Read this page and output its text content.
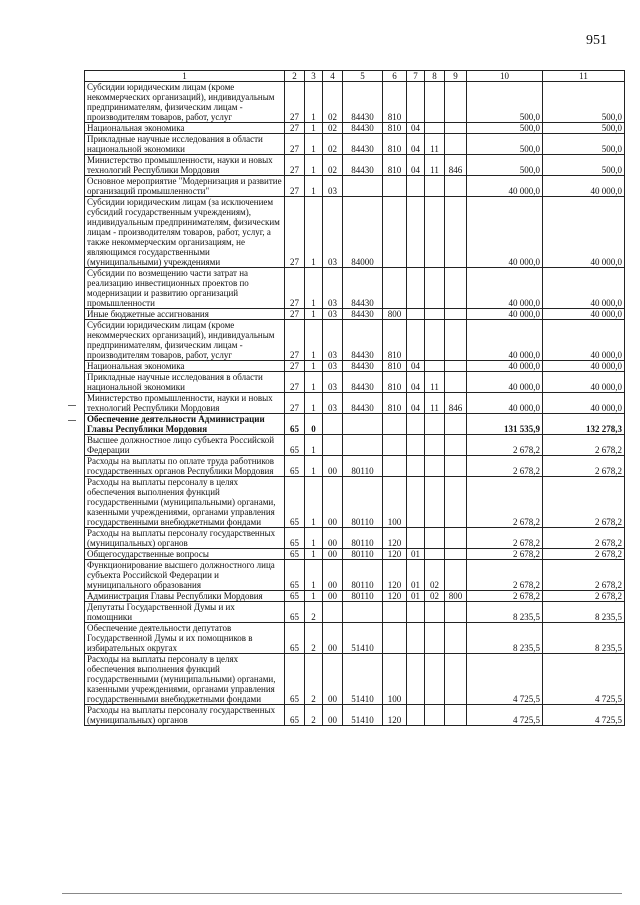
951
1	2	3	4	5	6	7	8	9	10	11
Субсидии юридическим лицам (кроме некоммерческих организаций), индивидуальным предпринимателям, физическим лицам - производителям товаров, работ, услуг	27	1	02	84430	810				500,0	500,0
Национальная экономика	27	1	02	84430	810	04			500,0	500,0
Прикладные научные исследования в области национальной экономики	27	1	02	84430	810	04	11		500,0	500,0
Министерство промышленности, науки и новых технологий Республики Мордовия	27	1	02	84430	810	04	11	846	500,0	500,0
Основное мероприятие "Модернизация и развитие организаций промышленности"	27	1	03						40 000,0	40 000,0
Субсидии юридическим лицам (за исключением субсидий государственным учреждениям), индивидуальным предпринимателям, физическим лицам - производителям товаров, работ, услуг, а также некоммерческим организациям, не являющимся государственными (муниципальными) учреждениями	27	1	03	84000					40 000,0	40 000,0
Субсидии по возмещению части затрат на реализацию инвестиционных проектов по модернизации и развитию организаций промышленности	27	1	03	84430					40 000,0	40 000,0
Иные бюджетные ассигнования	27	1	03	84430	800				40 000,0	40 000,0
Субсидии юридическим лицам (кроме некоммерческих организаций), индивидуальным предпринимателям, физическим лицам - производителям товаров, работ, услуг	27	1	03	84430	810				40 000,0	40 000,0
Национальная экономика	27	1	03	84430	810	04			40 000,0	40 000,0
Прикладные научные исследования в области национальной экономики	27	1	03	84430	810	04	11		40 000,0	40 000,0
Министерство промышленности, науки и новых технологий Республики Мордовия	27	1	03	84430	810	04	11	846	40 000,0	40 000,0
Обеспечение деятельности Администрации Главы Республики Мордовия	65	0							131 535,9	132 278,3
Высшее должностное лицо субъекта Российской Федерации	65	1							2 678,2	2 678,2
Расходы на выплаты по оплате труда работников государственных органов Республики Мордовия	65	1	00	80110					2 678,2	2 678,2
Расходы на выплаты персоналу в целях обеспечения выполнения функций государственными (муниципальными) органами, казенными учреждениями, органами управления государственными внебюджетными фондами	65	1	00	80110	100				2 678,2	2 678,2
Расходы на выплаты персоналу государственных (муниципальных) органов	65	1	00	80110	120				2 678,2	2 678,2
Общегосударственные вопросы	65	1	00	80110	120	01			2 678,2	2 678,2
Функционирование высшего должностного лица субъекта Российской Федерации и муниципального образования	65	1	00	80110	120	01	02		2 678,2	2 678,2
Администрация Главы Республики Мордовия	65	1	00	80110	120	01	02	800	2 678,2	2 678,2
Депутаты Государственной Думы и их помощники	65	2							8 235,5	8 235,5
Обеспечение деятельности депутатов Государственной Думы и их помощников в избирательных округах	65	2	00	51410					8 235,5	8 235,5
Расходы на выплаты персоналу в целях обеспечения выполнения функций государственными (муниципальными) органами, казенными учреждениями, органами управления государственными внебюджетными фондами	65	2	00	51410	100				4 725,5	4 725,5
Расходы на выплаты персоналу государственных (муниципальных) органов	65	2	00	51410	120				4 725,5	4 725,5
